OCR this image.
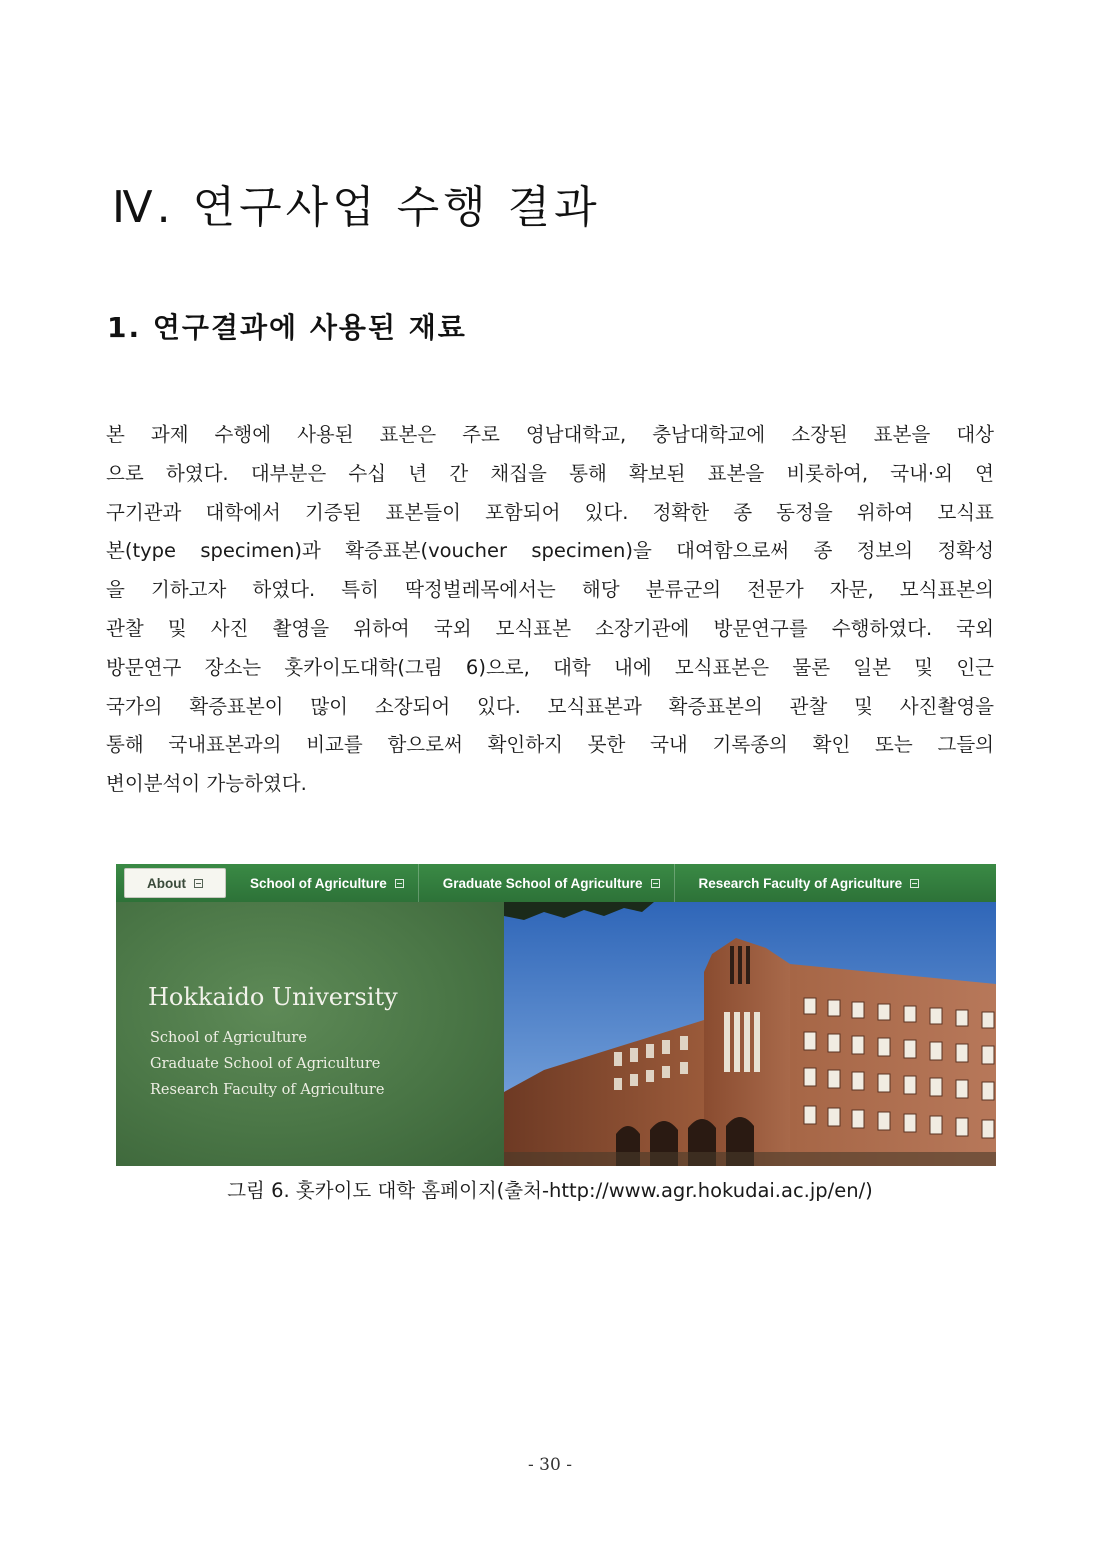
Ⅳ. 연구사업 수행 결과
1. 연구결과에 사용된 재료
본 과제 수행에 사용된 표본은 주로 영남대학교, 충남대학교에 소장된 표본을 대상
으로 하였다. 대부분은 수십 년 간 채집을 통해 확보된 표본을 비롯하여, 국내·외 연
구기관과 대학에서 기증된 표본들이 포함되어 있다. 정확한 종 동정을 위하여 모식표
본(type specimen)과 확증표본(voucher specimen)을 대여함으로써 종 정보의 정확성
을 기하고자 하였다. 특히 딱정벌레목에서는 해당 분류군의 전문가 자문, 모식표본의
관찰 및 사진 촬영을 위하여 국외 모식표본 소장기관에 방문연구를 수행하였다. 국외
방문연구 장소는 홋카이도대학(그림 6)으로, 대학 내에 모식표본은 물론 일본 및 인근
국가의 확증표본이 많이 소장되어 있다. 모식표본과 확증표본의 관찰 및 사진촬영을
통해 국내표본과의 비교를 함으로써 확인하지 못한 국내 기록종의 확인 또는 그들의
변이분석이 가능하였다.
About	School of Agriculture	Graduate School of Agriculture	Research Faculty of Agriculture
Hokkaido University
School of Agriculture
Graduate School of Agriculture
Research Faculty of Agriculture
그림 6. 홋카이도 대학 홈페이지(출처-http://www.agr.hokudai.ac.jp/en/)
- 30 -
